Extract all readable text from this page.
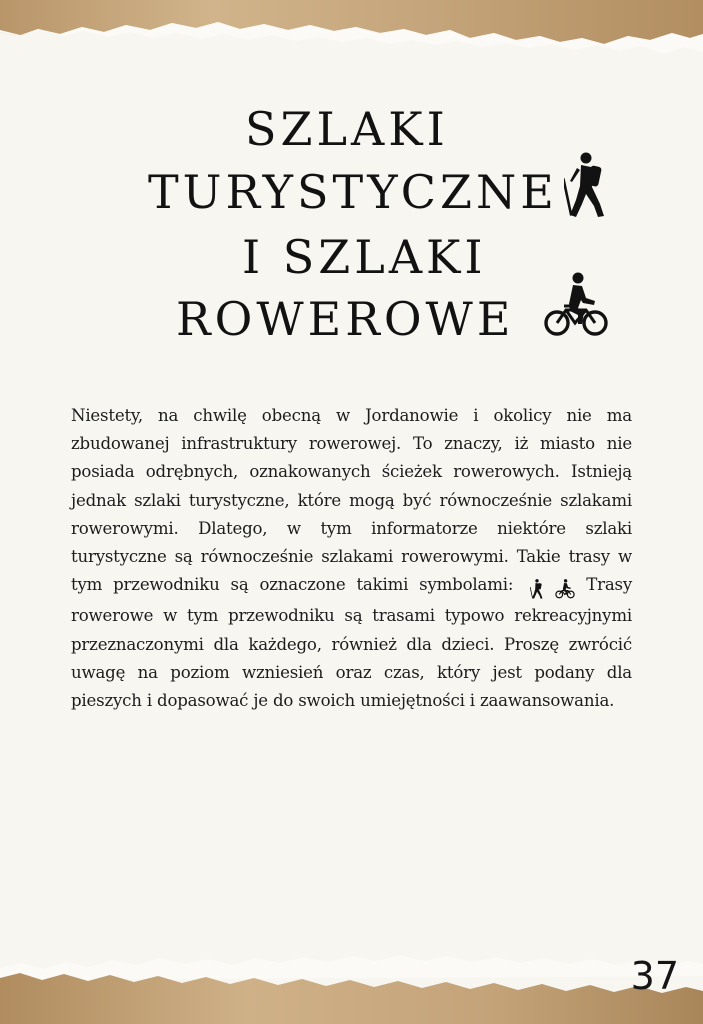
SZLAKI
TURYSTYCZNE
I SZLAKI
ROWEROWE

Niestety, na chwilę obecną w Jordanowie i okolicy nie ma zbudowanej infrastruktury rowerowej. To znaczy, iż miasto nie posiada odrębnych, oznakowanych ścieżek rowerowych. Istnieją jednak szlaki turystyczne, które mogą być równocześnie szlakami rowerowymi. Dlatego, w tym informatorze niektóre szlaki turystyczne są równocześnie szlakami rowerowymi. Takie trasy w tym przewodniku są oznaczone takimi symbolami:	Trasy rowerowe w tym przewodniku są trasami typowo rekreacyjnymi przeznaczonymi dla każdego, również dla dzieci. Proszę zwrócić uwagę na poziom wzniesień oraz czas, który jest podany dla pieszych i dopasować je do swoich umiejętności i zaawansowania.

37
